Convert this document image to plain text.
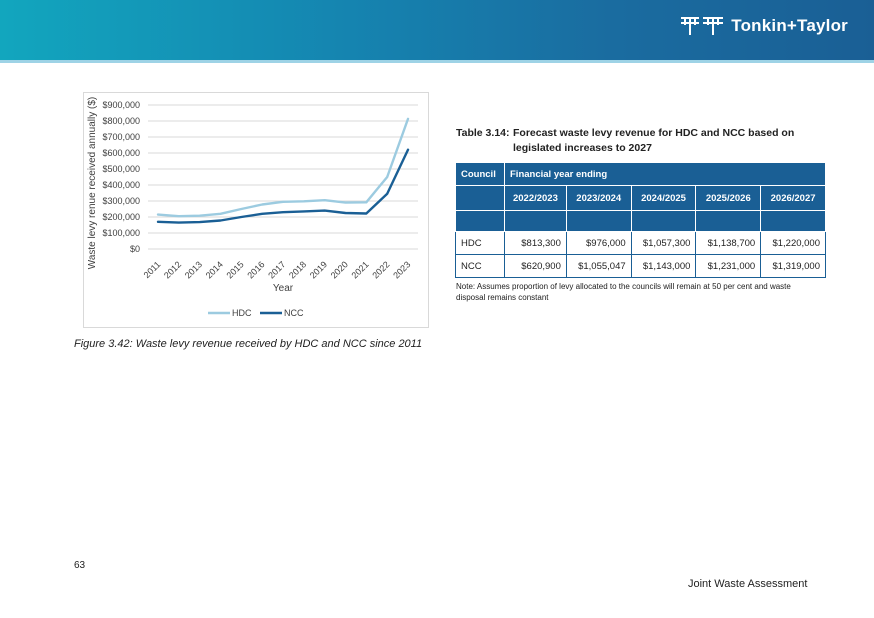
Tonkin+Taylor
$0
$100,000
$200,000
$300,000
$400,000
$500,000
$600,000
$700,000
$800,000
$900,000
2011 2012 2013 2014 2015 2016 2017 2018 2019 2020 2021 2022 2023
Waste levy renue received annually ($)
Year
HDC	NCC
Figure 3.42: Waste levy revenue received by HDC and NCC since 2011
Table 3.14: Forecast waste levy revenue for HDC and NCC based on
legislated increases to 2027
Council	Financial year ending				
	2022/2023	2023/2024	2024/2025	2025/2026	2026/2027

HDC	$813,300	$976,000	$1,057,300	$1,138,700	$1,220,000
NCC	$620,900	$1,055,047	$1,143,000	$1,231,000	$1,319,000
Note: Assumes proportion of levy allocated to the councils will remain at 50 per cent and waste disposal remains constant
63
Joint Waste Assessment
